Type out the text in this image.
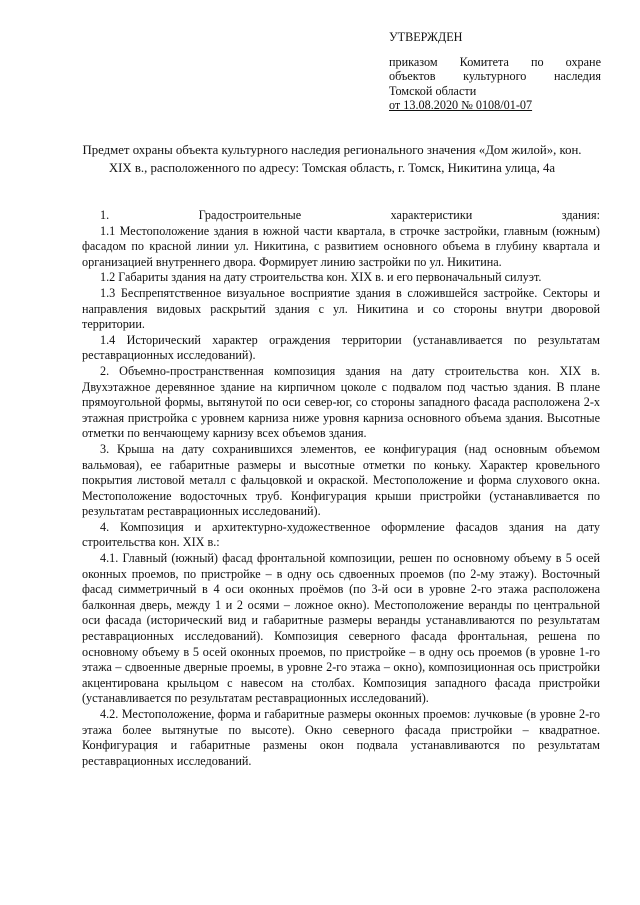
УТВЕРЖДЕН
приказом Комитета по охране
объектов культурного наследия
Томской области
от 13.08.2020 № 0108/01-07
Предмет охраны объекта культурного наследия регионального значения «Дом жилой», кон. XIX в., расположенного по адресу: Томская область, г. Томск, Никитина улица, 4а

1. Градостроительные характеристики здания:

1.1 Местоположение здания в южной части квартала, в строчке застройки, главным (южным) фасадом по красной линии ул. Никитина, с развитием основного объема в глубину квартала и организацией внутреннего двора. Формирует линию застройки по ул. Никитина.

1.2 Габариты здания на дату строительства кон. XIX в. и его первоначальный силуэт.

1.3 Беспрепятственное визуальное восприятие здания в сложившейся застройке. Секторы и направления видовых раскрытий здания с ул. Никитина и со стороны внутри дворовой территории.

1.4 Исторический характер ограждения территории (устанавливается по результатам реставрационных исследований).

2. Объемно-пространственная композиция здания на дату строительства кон. XIX в. Двухэтажное деревянное здание на кирпичном цоколе с подвалом под частью здания. В плане прямоугольной формы, вытянутой по оси север-юг, со стороны западного фасада расположена 2-х этажная пристройка с уровнем карниза ниже уровня карниза основного объема здания. Высотные отметки по венчающему карнизу всех объемов здания.

3. Крыша на дату сохранившихся элементов, ее конфигурация (над основным объемом вальмовая), ее габаритные размеры и высотные отметки по коньку. Характер кровельного покрытия листовой металл с фальцовкой и окраской. Местоположение и форма слухового окна. Местоположение водосточных труб. Конфигурация крыши пристройки (устанавливается по результатам реставрационных исследований).

4. Композиция и архитектурно-художественное оформление фасадов здания на дату строительства кон. XIX в.:

4.1. Главный (южный) фасад фронтальной композиции, решен по основному объему в 5 осей оконных проемов, по пристройке – в одну ось сдвоенных проемов (по 2-му этажу). Восточный фасад симметричный в 4 оси оконных проёмов (по 3-й оси в уровне 2-го этажа расположена балконная дверь, между 1 и 2 осями – ложное окно). Местоположение веранды по центральной оси фасада (исторический вид и габаритные размеры веранды устанавливаются по результатам реставрационных исследований). Композиция северного фасада фронтальная, решена по основному объему в 5 осей оконных проемов, по пристройке – в одну ось проемов (в уровне 1-го этажа – сдвоенные дверные проемы, в уровне 2-го этажа – окно), композиционная ось пристройки акцентирована крыльцом с навесом на столбах. Композиция западного фасада пристройки (устанавливается по результатам реставрационных исследований).

4.2. Местоположение, форма и габаритные размеры оконных проемов: лучковые (в уровне 2-го этажа более вытянутые по высоте). Окно северного фасада пристройки – квадратное. Конфигурация и габаритные размены окон подвала устанавливаются по результатам реставрационных исследований.
